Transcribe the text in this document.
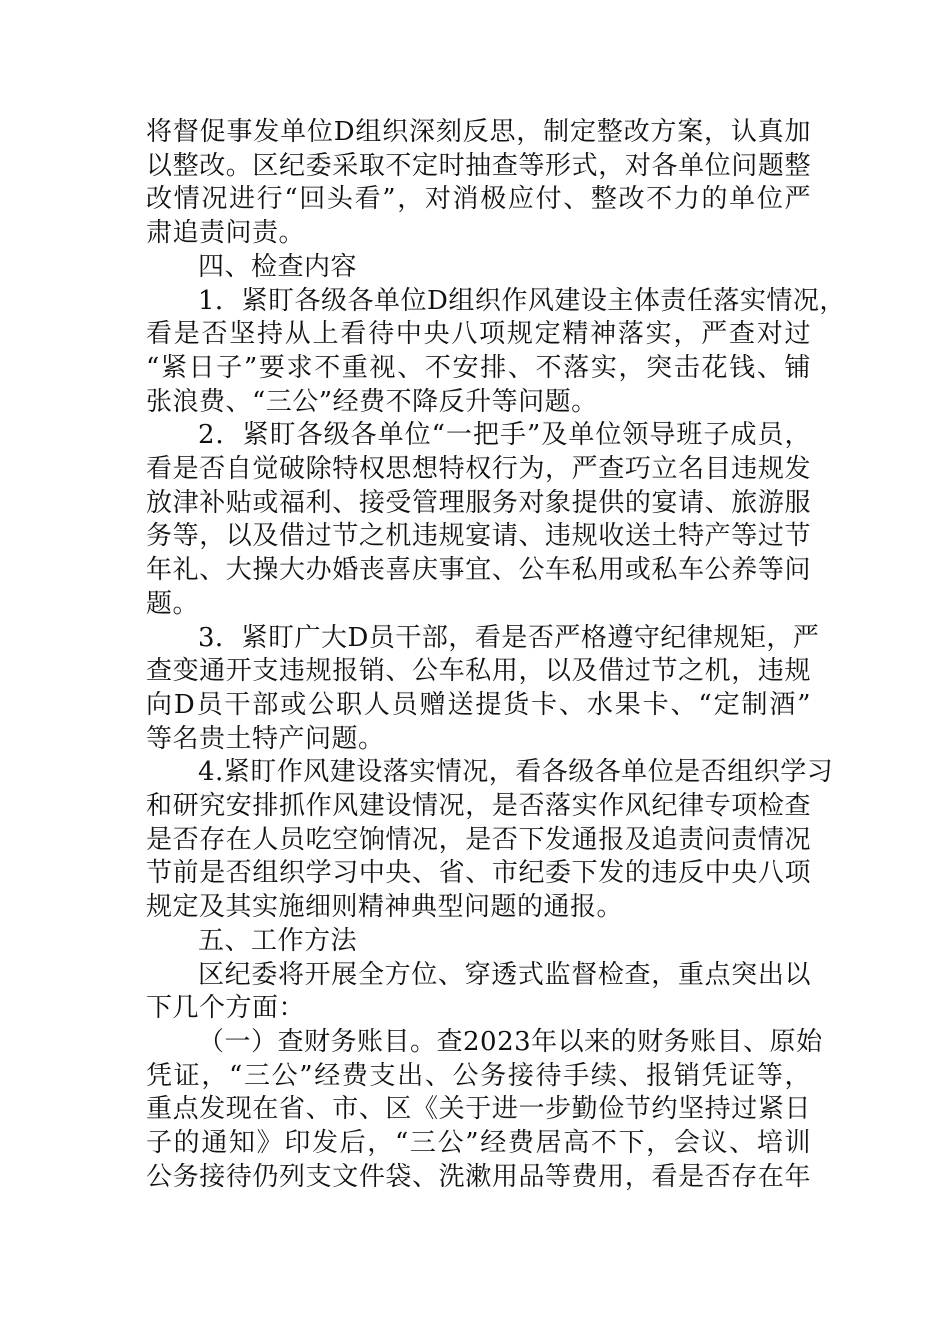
将督促事发单位D组织深刻反思，制定整改方案，认真加
以整改。区纪委采取不定时抽查等形式，对各单位问题整
改情况进行“回头看”，对消极应付、整改不力的单位严
肃追责问责。
四、检查内容
1．紧盯各级各单位D组织作风建设主体责任落实情况，
看是否坚持从上看待中央八项规定精神落实，严查对过
“紧日子”要求不重视、不安排、不落实，突击花钱、铺
张浪费、“三公”经费不降反升等问题。
2．紧盯各级各单位“一把手”及单位领导班子成员，
看是否自觉破除特权思想特权行为，严查巧立名目违规发
放津补贴或福利、接受管理服务对象提供的宴请、旅游服
务等，以及借过节之机违规宴请、违规收送土特产等过节
年礼、大操大办婚丧喜庆事宜、公车私用或私车公养等问
题。
3．紧盯广大D员干部，看是否严格遵守纪律规矩，严
查变通开支违规报销、公车私用，以及借过节之机，违规
向D员干部或公职人员赠送提货卡、水果卡、“定制酒”
等名贵土特产问题。
4.紧盯作风建设落实情况，看各级各单位是否组织学习
和研究安排抓作风建设情况，是否落实作风纪律专项检查
是否存在人员吃空饷情况，是否下发通报及追责问责情况
节前是否组织学习中央、省、市纪委下发的违反中央八项
规定及其实施细则精神典型问题的通报。
五、工作方法
区纪委将开展全方位、穿透式监督检查，重点突出以
下几个方面：
（一）查财务账目。查2023年以来的财务账目、原始
凭证，“三公”经费支出、公务接待手续、报销凭证等，
重点发现在省、市、区《关于进一步勤俭节约坚持过紧日
子的通知》印发后，“三公”经费居高不下，会议、培训
公务接待仍列支文件袋、洗漱用品等费用，看是否存在年
